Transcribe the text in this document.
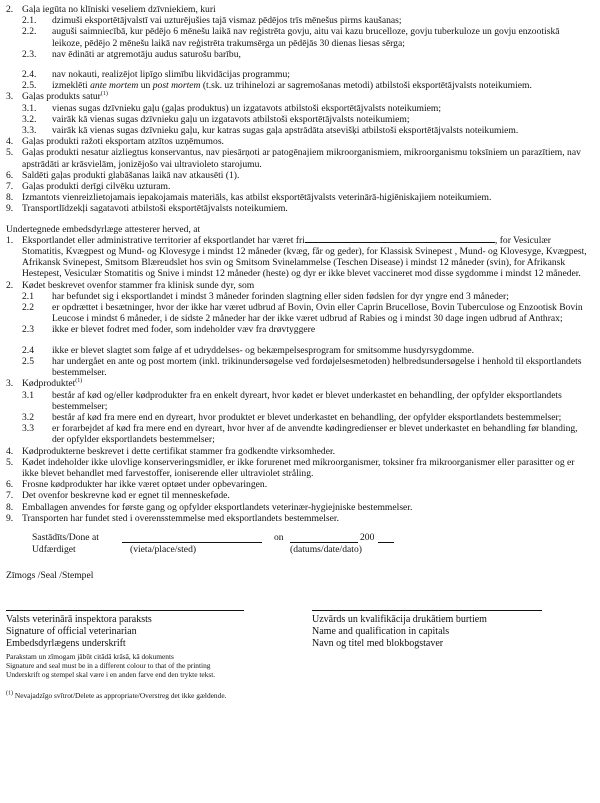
2. Gaļa iegūta no klīniski veseliem dzīvniekiem, kuri
2.1.	dzimuši eksportētājvalstī vai uzturējušies tajā vismaz pēdējos trīs mēnešus pirms kaušanas;
2.2.	auguši saimniecībā, kur pēdējo 6 mēnešu laikā nav reģistrēta govju, aitu vai kazu brucelloze, govju tuberkuloze un govju enzootiskā leikoze, pēdējo 2 mēnešu laikā nav reģistrēta trakumsērga un pēdējās 30 dienas liesas sērga;
2.3.	nav ēdināti ar atgremotāju audus saturošu barību,
2.4.	nav nokauti, realizējot lipīgo slimību likvidācijas programmu;
2.5.	izmeklēti ante mortem un post mortem (t.sk. uz trihinelozi ar sagremošanas metodi) atbilstoši eksportētājvalsts noteikumiem.
3. Gaļas produkts satur$^{(1)}$
3.1.	vienas sugas dzīvnieku gaļu (gaļas produktus) un izgatavots atbilstoši eksportētājvalsts noteikumiem;
3.2.	vairāk kā vienas sugas dzīvnieku gaļu un izgatavots atbilstoši eksportētājvalsts noteikumiem;
3.3.	vairāk kā vienas sugas dzīvnieku gaļu, kur katras sugas gaļa apstrādāta atsevišķi atbilstoši eksportētājvalsts noteikumiem.
4. Gaļas produkti ražoti eksportam atzītos uzņēmumos.
5. Gaļas produkti nesatur aizliegtus konservantus, nav piesārņoti ar patogēnajiem mikroorganismiem, mikroorganismu toksīniem un parazītiem, nav apstrādāti ar krāsvielām, jonizējošo vai ultravioleto starojumu.
6. Saldēti gaļas produkti glabāšanas laikā nav atkausēti (1).
7. Gaļas produkti derīgi cilvēku uzturam.
8. Izmantots vienreizlietojamais iepakojamais materiāls, kas atbilst eksportētājvalsts veterinārā-higiēniskajiem noteikumiem.
9. Transportlīdzekļi sagatavoti atbilstoši eksportētājvalsts noteikumiem.
Undertegnede embedsdyrlæge attesterer herved, at
1. Eksportlandet eller administrative territorier af eksportlandet har været fri	, for Vesiculær Stomatitis, Kvægpest og Mund- og Klovesyge i mindst 12 måneder (kvæg, får og geder), for Klassisk Svinepest , Mund- og Klovesyge, Kvægpest, Afrikansk Svinepest, Smitsom Blæreudslet hos svin og Smitsom Svinelammelse (Teschen Disease) i mindst 12 måneder (svin), for Afrikansk Hestepest, Vesiculær Stomatitis og Snive i mindst 12 måneder (heste) og dyr er ikke blevet vaccineret mod disse sygdomme i mindst 12 måneder.
2. Kødet beskrevet ovenfor stammer fra klinisk sunde dyr, som
2.1	har befundet sig i eksportlandet i mindst 3 måneder forinden slagtning eller siden fødslen for dyr yngre end 3 måneder;
2.2	er opdrættet i besætninger, hvor der ikke har været udbrud af Bovin, Ovin eller Caprin Brucellose, Bovin Tuberculose og Enzootisk Bovin Leucose i mindst 6 måneder, i de sidste 2 måneder har der ikke været udbrud af Rabies og i mindst 30 dage ingen udbrud af Anthrax;
2.3	ikke er blevet fodret med foder, som indeholder væv fra drøvtyggere
2.4	ikke er blevet slagtet som følge af et udryddelses- og bekæmpelsesprogram for smitsomme husdyrsygdomme.
2.5	har undergået en ante og post mortem (inkl. trikinundersøgelse ved fordøjelsesmetoden) helbredsundersøgelse i henhold til eksportlandets bestemmelser.
3. Kødproduktet$^{(1)}$
3.1	består af kød og/eller kødprodukter fra en enkelt dyreart, hvor kødet er blevet underkastet en behandling, der opfylder eksportlandets bestemmelser;
3.2	består af kød fra mere end en dyreart, hvor produktet er blevet underkastet en behandling, der opfylder eksportlandets bestemmelser;
3.3	er forarbejdet af kød fra mere end en dyreart, hvor hver af de anvendte kødingredienser er blevet underkastet en behandling før blanding, der opfylder eksportlandets bestemmelser;
4. Kødprodukterne beskrevet i dette certifikat stammer fra godkendte virksomheder.
5. Kødet indeholder ikke ulovlige konserveringsmidler, er ikke forurenet med mikroorganismer, toksiner fra mikroorganismer eller parasitter og er ikke blevet behandlet med farvestoffer, ioniserende eller ultraviolet stråling.
6. Frosne kødprodukter har ikke været optøet under opbevaringen.
7. Det ovenfor beskrevne kød er egnet til menneskeføde.
8. Emballagen anvendes for første gang og opfylder eksportlandets veterinær-hygiejniske bestemmelser.
9. Transporten har fundet sted i overensstemmelse med eksportlandets bestemmelser.
Sastādīts/Done at	on	200
Udfærdiget	(vieta/place/sted)	(datums/date/dato)
Zīmogs /Seal /Stempel
Valsts veterinārā inspektora paraksts
Signature of official veterinarian
Embedsdyrlægens underskrift
Uzvārds un kvalifikācija drukātiem burtiem
Name and qualification in capitals
Navn og titel med blokbogstaver
Parakstam un zīmogam jābūt citādā krāsā, kā dokuments
Signature and seal must be in a different colour to that of the printing
Underskrift og stempel skal være i en anden farve end den trykte tekst.
$^{(1)}$ Nevajadzīgo svītrot/Delete as appropriate/Overstreg det ikke gældende.
